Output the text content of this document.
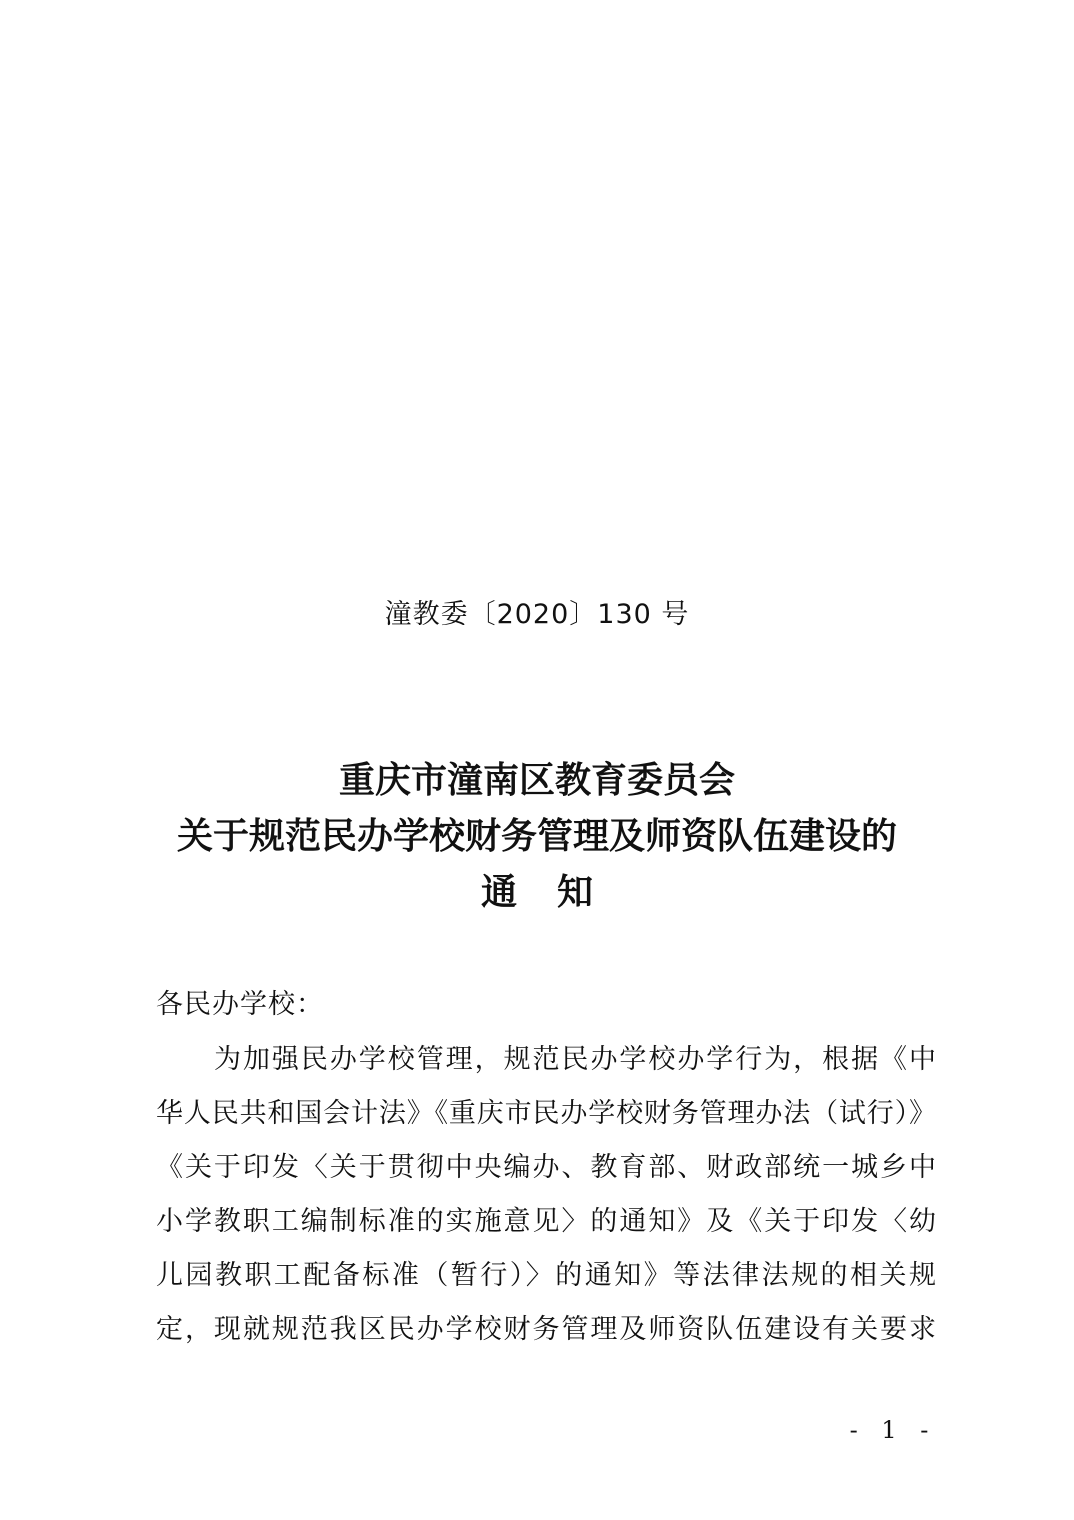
潼教委〔2020〕130 号
重庆市潼南区教育委员会
关于规范民办学校财务管理及师资队伍建设的
通知
各民办学校：
为加强民办学校管理，规范民办学校办学行为，根据《中
华人民共和国会计法》《重庆市民办学校财务管理办法（试行）》
《关于印发〈关于贯彻中央编办、教育部、财政部统一城乡中
小学教职工编制标准的实施意见〉的通知》及《关于印发〈幼
儿园教职工配备标准（暂行）〉的通知》等法律法规的相关规
定，现就规范我区民办学校财务管理及师资队伍建设有关要求
- 1 -
